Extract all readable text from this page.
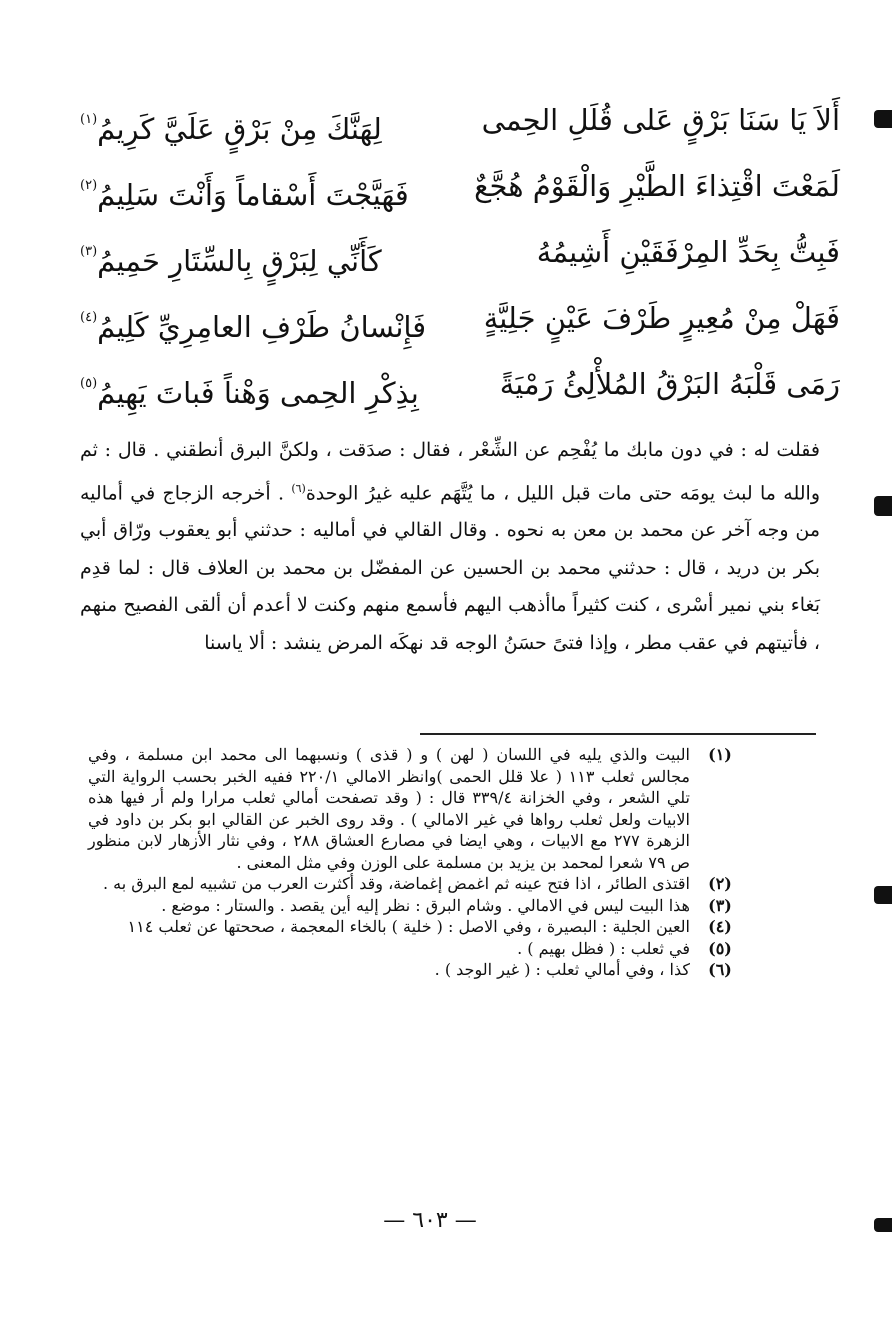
أَلاَ يَا سَنَا بَرْقٍ عَلى قُلَلِ الحِمى
لِهَنَّكَ مِنْ بَرْقٍ عَلَيَّ كَرِيمُ$^{(١)}$
لَمَعْتَ اقْتِذاءَ الطَّيْرِ وَالْقَوْمُ هُجَّعٌ
فَهَيَّجْتَ أَسْقاماً وَأَنْتَ سَلِيمُ$^{(٢)}$
فَبِتُّ بِحَدِّ المِرْفَقَيْنِ أَشِيمُهُ
كَأَنِّي لِبَرْقٍ بِالسِّتَارِ حَمِيمُ$^{(٣)}$
فَهَلْ مِنْ مُعِيرٍ طَرْفَ عَيْنٍ جَلِيَّةٍ
فَإِنْسانُ طَرْفِ العامِرِيِّ كَلِيمُ$^{(٤)}$
رَمَى قَلْبَهُ البَرْقُ المُلأْلِئُ رَمْيَةً
بِذِكْرِ الحِمى وَهْناً فَباتَ يَهِيمُ$^{(٥)}$

فقلت له : في دون مابك ما يُفْحِم عن الشِّعْر ، فقال : صدَقت ، ولكنَّ البرق أنطقني . قال : ثم والله ما لبث يومَه حتى مات قبل الليل ، ما يُتَّهَم عليه غيرُ الوحدة$^{(٦)}$ . أخرجه الزجاج في أماليه من وجه آخر عن محمد بن معن به نحوه . وقال القالي في أماليه : حدثني أبو يعقوب ورّاق أبي بكر بن دريد ، قال : حدثني محمد بن الحسين عن المفضّل بن محمد بن العلاف قال : لما قدِم بَغاء بني نمير أسْرى ، كنت كثيراً ماأذهب اليهم فأسمع منهم وكنت لا أعدم أن ألقى الفصيح منهم ، فأتيتهم في عقب مطر ، وإذا فتىً حسَنُ الوجه قد نهكَه المرض ينشد : ألا ياسنا

(١)
البيت والذي يليه في اللسان ( لهن ) و ( قذى ) ونسبهما الى محمد ابن مسلمة ، وفي مجالس ثعلب ١١٣ ( علا قلل الحمى )وانظر الامالي ٢٢٠/١ ففيه الخبر بحسب الرواية التي تلي الشعر ، وفي الخزانة ٣٣٩/٤ قال : ( وقد تصفحت أمالي ثعلب مرارا ولم أر فيها هذه الابيات ولعل ثعلب رواها في غير الامالي ) . وقد روى الخبر عن القالي ابو بكر بن داود في الزهرة ٢٧٧ مع الابيات ، وهي ايضا في مصارع العشاق ٢٨٨ ، وفي نثار الأزهار لابن منظور ص ٧٩ شعرا لمحمد بن يزيد بن مسلمة على الوزن وفي مثل المعنى .
(٢)
اقتذى الطائر ، اذا فتح عينه ثم اغمض إغماضة، وقد أكثرت العرب من تشبيه لمع البرق به .
(٣)
هذا البيت ليس في الامالي . وشام البرق : نظر إليه أين يقصد . والستار : موضع .
(٤)
العين الجلية : البصيرة ، وفي الاصل : ( خلية ) بالخاء المعجمة ، صححتها عن ثعلب ١١٤
(٥)
في ثعلب : ( فظل بهيم ) .
(٦)
كذا ، وفي أمالي ثعلب : ( غير الوجد ) .
— ٦٠٣ —
